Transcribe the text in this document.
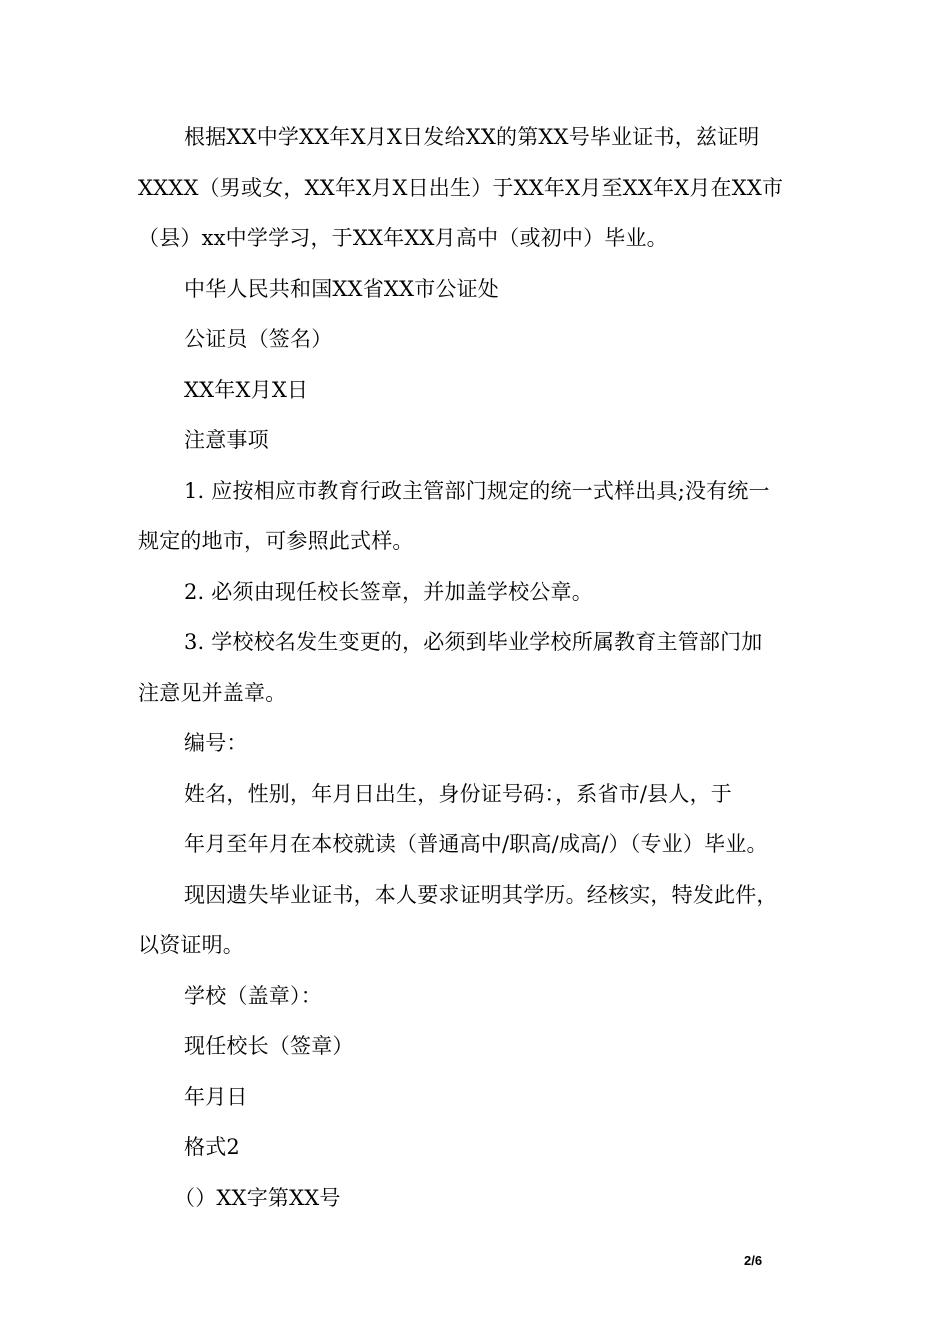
根据XX中学XX年X月X日发给XX的第XX号毕业证书，兹证明
XXXX（男或女，XX年X月X日出生）于XX年X月至XX年X月在XX市
（县）xx中学学习，于XX年XX月高中（或初中）毕业。
中华人民共和国XX省XX市公证处
公证员（签名）
XX年X月X日
注意事项
1. 应按相应市教育行政主管部门规定的统一式样出具;没有统一
规定的地市，可参照此式样。
2. 必须由现任校长签章，并加盖学校公章。
3. 学校校名发生变更的，必须到毕业学校所属教育主管部门加
注意见并盖章。
编号：
姓名，性别，年月日出生，身份证号码：，系省市/县人，于
年月至年月在本校就读（普通高中/职高/成高/）（专业）毕业。
现因遗失毕业证书，本人要求证明其学历。经核实，特发此件，
以资证明。
学校（盖章）：
现任校长（签章）
年月日
格式2
（）XX字第XX号
2/6
